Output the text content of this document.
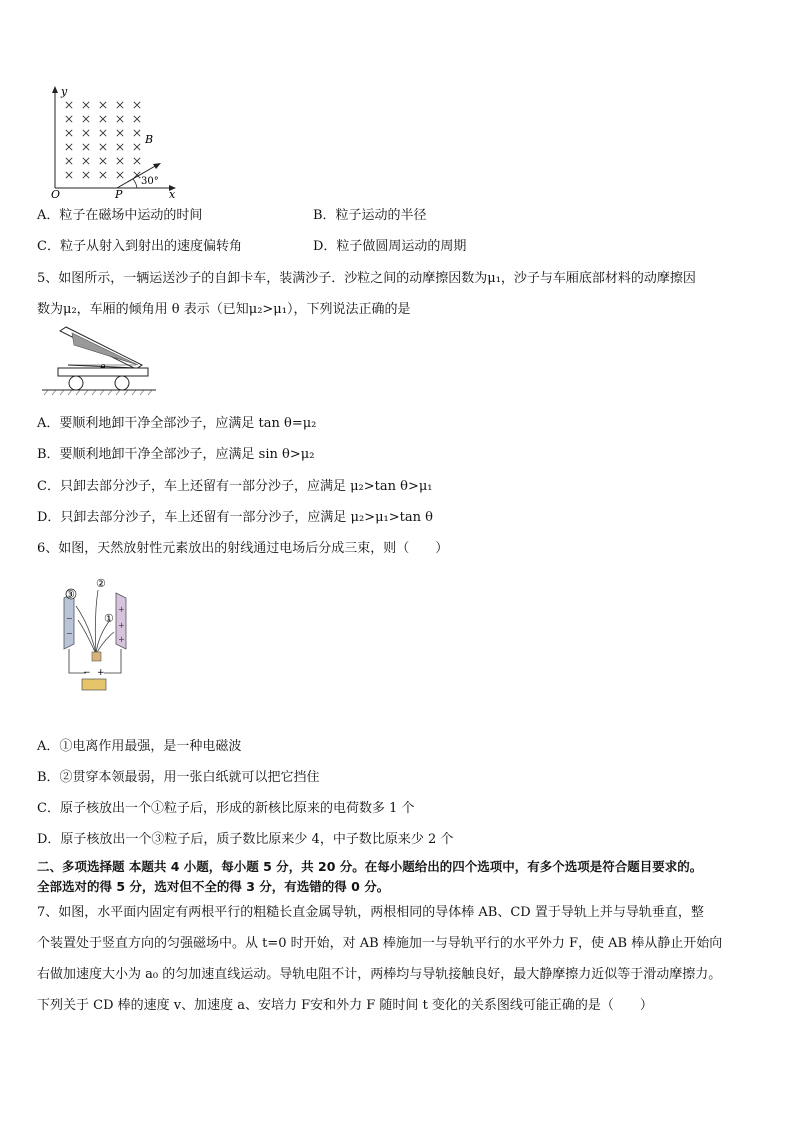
y
x
O	P
B
30°
A．粒子在磁场中运动的时间	B．粒子运动的半径
C．粒子从射入到射出的速度偏转角	D．粒子做圆周运动的周期
5、如图所示，一辆运送沙子的自卸卡车，装满沙子．沙粒之间的动摩擦因数为μ₁，沙子与车厢底部材料的动摩擦因
数为μ₂，车厢的倾角用 θ 表示（已知μ₂>μ₁），下列说法正确的是
A．要顺利地卸干净全部沙子，应满足 tan θ=μ₂
B．要顺利地卸干净全部沙子，应满足 sin θ>μ₂
C．只卸去部分沙子，车上还留有一部分沙子，应满足 μ₂>tan θ>μ₁
D．只卸去部分沙子，车上还留有一部分沙子，应满足 μ₂>μ₁>tan θ
6、如图，天然放射性元素放出的射线通过电场后分成三束，则（　　）
−
−
+
+
+
③
②
①
− +
A．①电离作用最强，是一种电磁波
B．②贯穿本领最弱，用一张白纸就可以把它挡住
C．原子核放出一个①粒子后，形成的新核比原来的电荷数多 1 个
D．原子核放出一个③粒子后，质子数比原来少 4，中子数比原来少 2 个
二、多项选择题 本题共 4 小题，每小题 5 分，共 20 分。在每小题给出的四个选项中，有多个选项是符合题目要求的。
全部选对的得 5 分，选对但不全的得 3 分，有选错的得 0 分。
7、如图，水平面内固定有两根平行的粗糙长直金属导轨，两根相同的导体棒 AB、CD 置于导轨上并与导轨垂直，整
个装置处于竖直方向的匀强磁场中。从 t=0 时开始，对 AB 棒施加一与导轨平行的水平外力 F，使 AB 棒从静止开始向
右做加速度大小为 a₀ 的匀加速直线运动。导轨电阻不计，两棒均与导轨接触良好，最大静摩擦力近似等于滑动摩擦力。
下列关于 CD 棒的速度 v、加速度 a、安培力 F安和外力 F 随时间 t 变化的关系图线可能正确的是（　　）
